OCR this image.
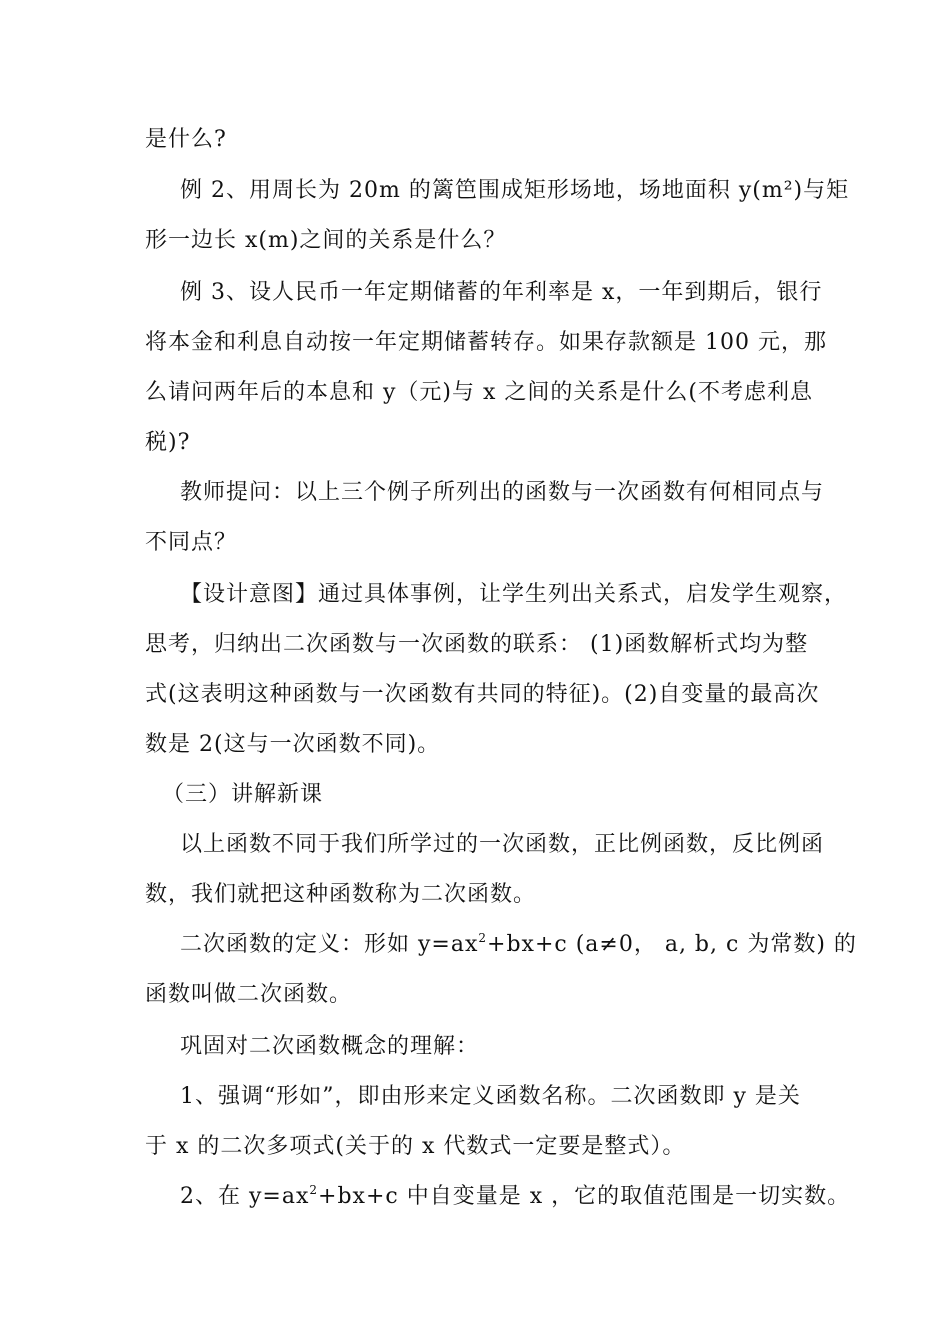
是什么?
例 2、用周长为 20m 的篱笆围成矩形场地，场地面积 y(m²)与矩
形一边长 x(m)之间的关系是什么？
例 3、设人民币一年定期储蓄的年利率是 x，一年到期后，银行
将本金和利息自动按一年定期储蓄转存。如果存款额是 100 元，那
么请问两年后的本息和 y（元)与 x 之间的关系是什么(不考虑利息
税)?
教师提问：以上三个例子所列出的函数与一次函数有何相同点与
不同点？
【设计意图】通过具体事例，让学生列出关系式，启发学生观察，
思考，归纳出二次函数与一次函数的联系： (1)函数解析式均为整
式(这表明这种函数与一次函数有共同的特征)。(2)自变量的最高次
数是 2(这与一次函数不同)。
（三）讲解新课
以上函数不同于我们所学过的一次函数，正比例函数，反比例函
数，我们就把这种函数称为二次函数。
二次函数的定义：形如 $y=ax^2+bx+c$ (a≠0， a, b, c 为常数) 的
函数叫做二次函数。
巩固对二次函数概念的理解：
1、强调“形如”，即由形来定义函数名称。二次函数即 y 是关
于 x 的二次多项式(关于的 x 代数式一定要是整式）。
2、在 $y=ax^2+bx+c$ 中自变量是 x ，它的取值范围是一切实数。
